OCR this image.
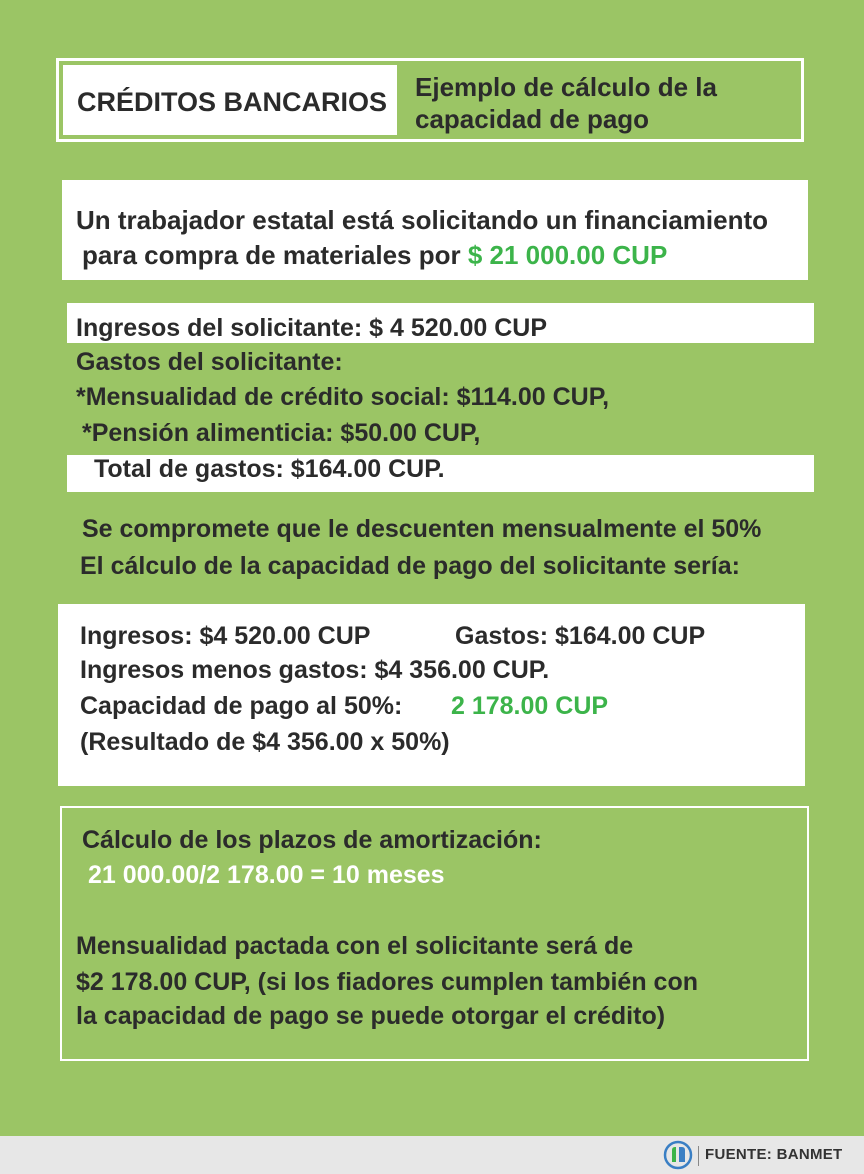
CRÉDITOS BANCARIOS Ejemplo de cálculo de la
capacidad de pago
Un trabajador estatal está solicitando un financiamiento
para compra de materiales por $ 21 000.00 CUP
Ingresos del solicitante: $ 4 520.00 CUP
Gastos del solicitante:
*Mensualidad de crédito social: $114.00 CUP,
*Pensión alimenticia: $50.00 CUP,
Total de gastos: $164.00 CUP.
Se compromete que le descuenten mensualmente el 50%
El cálculo de la capacidad de pago del solicitante sería:
Ingresos: $4 520.00 CUP	Gastos: $164.00 CUP
Ingresos menos gastos: $4 356.00 CUP.
Capacidad de pago al 50%: 2 178.00 CUP
(Resultado de $4 356.00 x 50%)
Cálculo de los plazos de amortización:
21 000.00/2 178.00 = 10 meses
Mensualidad pactada con el solicitante será de
$2 178.00 CUP, (si los fiadores cumplen también con
la capacidad de pago se puede otorgar el crédito)
FUENTE: BANMET
